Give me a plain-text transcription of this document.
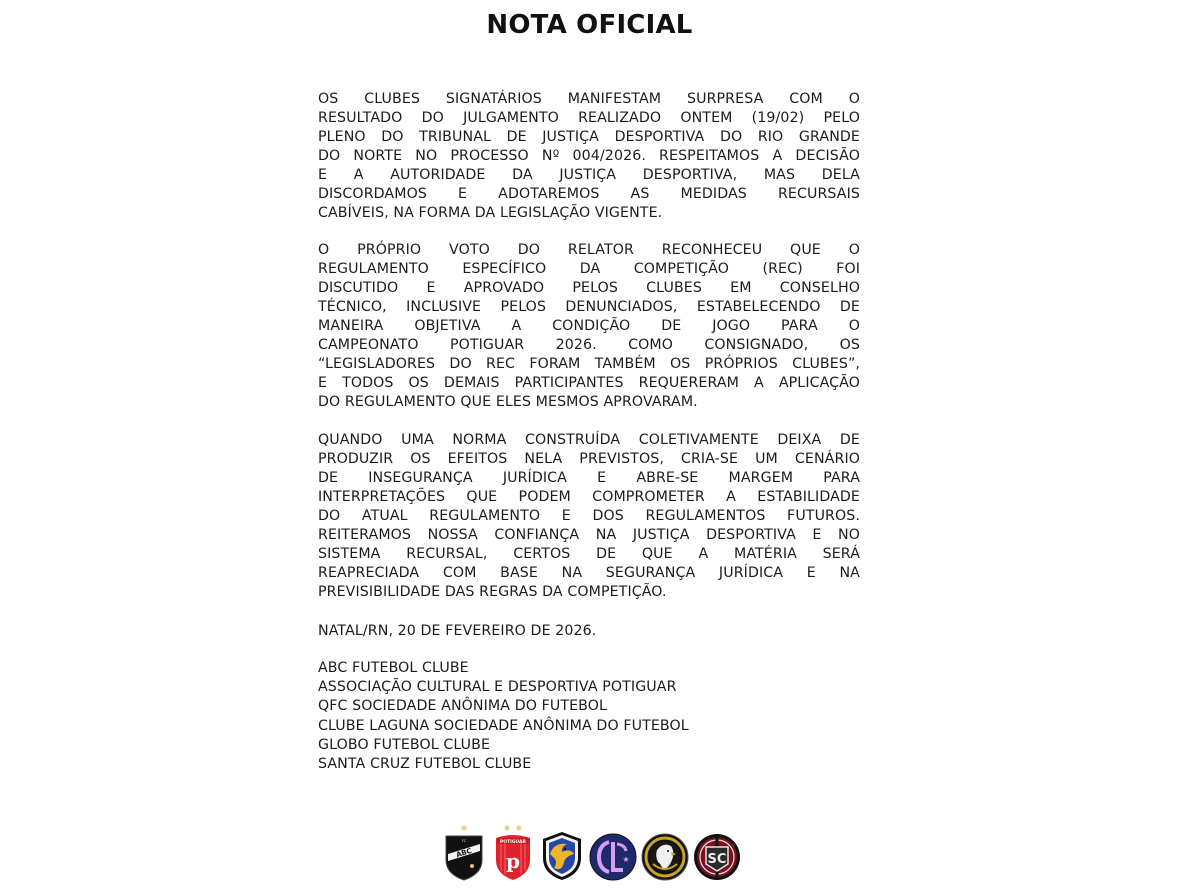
NOTA OFICIAL
OS CLUBES SIGNATÁRIOS MANIFESTAM SURPRESA COM O
RESULTADO DO JULGAMENTO REALIZADO ONTEM (19/02) PELO
PLENO DO TRIBUNAL DE JUSTIÇA DESPORTIVA DO RIO GRANDE
DO NORTE NO PROCESSO Nº 004/2026. RESPEITAMOS A DECISÃO
E A AUTORIDADE DA JUSTIÇA DESPORTIVA, MAS DELA
DISCORDAMOS E ADOTAREMOS AS MEDIDAS RECURSAIS
CABÍVEIS, NA FORMA DA LEGISLAÇÃO VIGENTE.
O PRÓPRIO VOTO DO RELATOR RECONHECEU QUE O
REGULAMENTO ESPECÍFICO DA COMPETIÇÃO (REC) FOI
DISCUTIDO E APROVADO PELOS CLUBES EM CONSELHO
TÉCNICO, INCLUSIVE PELOS DENUNCIADOS, ESTABELECENDO DE
MANEIRA OBJETIVA A CONDIÇÃO DE JOGO PARA O
CAMPEONATO POTIGUAR 2026. COMO CONSIGNADO, OS
“LEGISLADORES DO REC FORAM TAMBÉM OS PRÓPRIOS CLUBES”,
E TODOS OS DEMAIS PARTICIPANTES REQUERERAM A APLICAÇÃO
DO REGULAMENTO QUE ELES MESMOS APROVARAM.
QUANDO UMA NORMA CONSTRUÍDA COLETIVAMENTE DEIXA DE
PRODUZIR OS EFEITOS NELA PREVISTOS, CRIA-SE UM CENÁRIO
DE INSEGURANÇA JURÍDICA E ABRE-SE MARGEM PARA
INTERPRETAÇÕES QUE PODEM COMPROMETER A ESTABILIDADE
DO ATUAL REGULAMENTO E DOS REGULAMENTOS FUTUROS.
REITERAMOS NOSSA CONFIANÇA NA JUSTIÇA DESPORTIVA E NO
SISTEMA RECURSAL, CERTOS DE QUE A MATÉRIA SERÁ
REAPRECIADA COM BASE NA SEGURANÇA JURÍDICA E NA
PREVISIBILIDADE DAS REGRAS DA COMPETIÇÃO.
NATAL/RN, 20 DE FEVEREIRO DE 2026.
ABC FUTEBOL CLUBE
ASSOCIAÇÃO CULTURAL E DESPORTIVA POTIGUAR
QFC SOCIEDADE ANÔNIMA DO FUTEBOL
CLUBE LAGUNA SOCIEDADE ANÔNIMA DO FUTEBOL
GLOBO FUTEBOL CLUBE
SANTA CRUZ FUTEBOL CLUBE
ABC
FC	POTIGUAR
p	★	SC
